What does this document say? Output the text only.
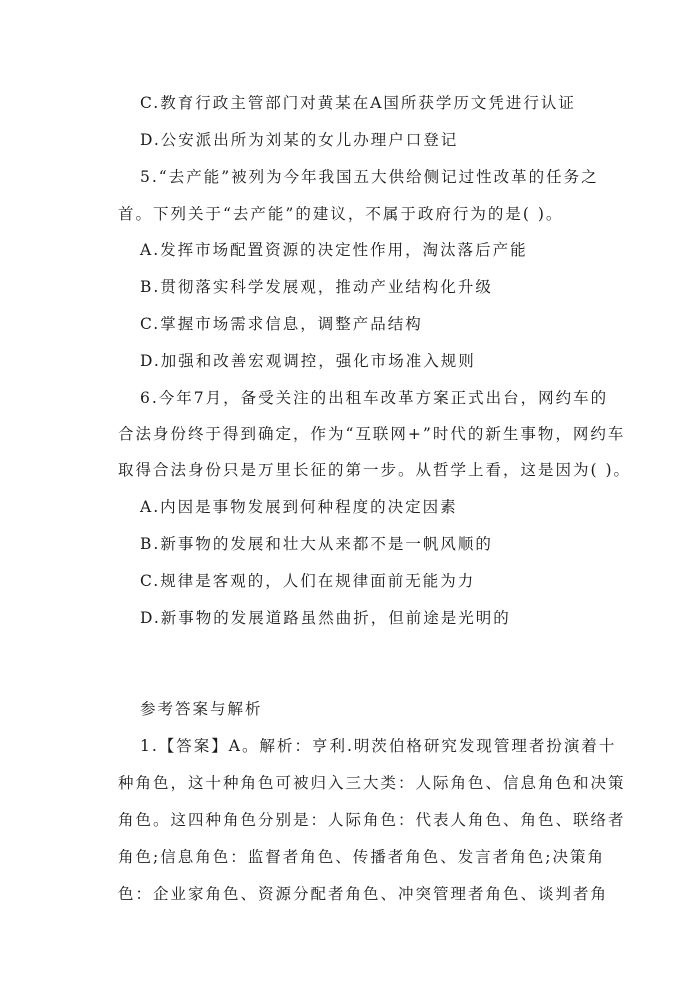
C.教育行政主管部门对黄某在A国所获学历文凭进行认证
D.公安派出所为刘某的女儿办理户口登记
5.“去产能”被列为今年我国五大供给侧记过性改革的任务之
首。下列关于“去产能”的建议，不属于政府行为的是( )。
A.发挥市场配置资源的决定性作用，淘汰落后产能
B.贯彻落实科学发展观，推动产业结构化升级
C.掌握市场需求信息，调整产品结构
D.加强和改善宏观调控，强化市场准入规则
6.今年7月，备受关注的出租车改革方案正式出台，网约车的
合法身份终于得到确定，作为“互联网+”时代的新生事物，网约车
取得合法身份只是万里长征的第一步。从哲学上看，这是因为( )。
A.内因是事物发展到何种程度的决定因素
B.新事物的发展和壮大从来都不是一帆风顺的
C.规律是客观的，人们在规律面前无能为力
D.新事物的发展道路虽然曲折，但前途是光明的
参考答案与解析
1.【答案】A。解析：亨利.明茨伯格研究发现管理者扮演着十
种角色，这十种角色可被归入三大类：人际角色、信息角色和决策
角色。这四种角色分别是：人际角色：代表人角色、角色、联络者
角色;信息角色：监督者角色、传播者角色、发言者角色;决策角
色：企业家角色、资源分配者角色、冲突管理者角色、谈判者角
